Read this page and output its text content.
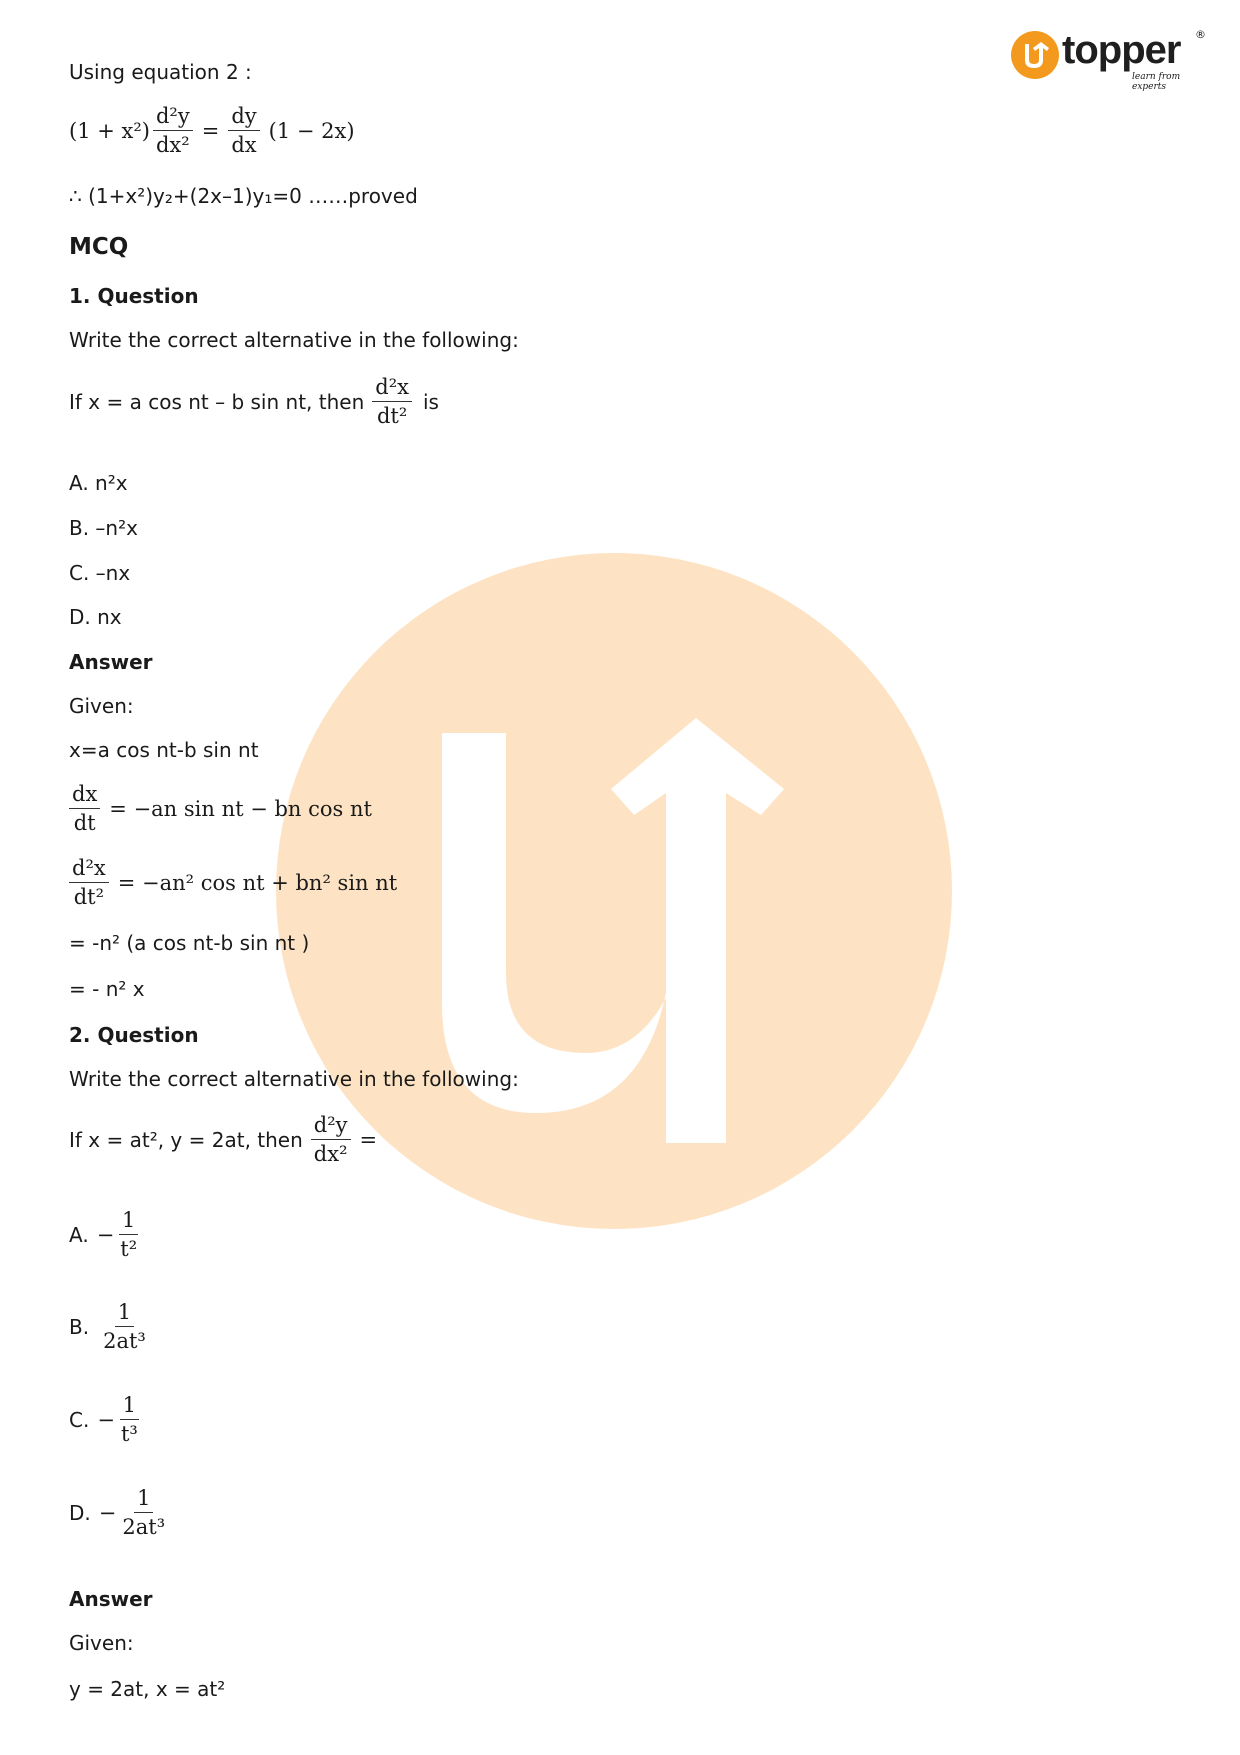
topper ®
learn from experts
Using equation 2 :
$(1 + x^2) \frac{\text{d²y}}{\text{dx²}} = \frac{dy}{dx} (1 - 2x)$
∴ (1+x²)y₂+(2x–1)y₁=0 ……proved
MCQ
1. Question
Write the correct alternative in the following:
If x = a cos nt – b sin nt, then $\frac{\text{d²x}}{\text{dt²}}$ is
A. n²x
B. –n²x
C. –nx
D. nx
Answer
Given:
x=a cos nt-b sin nt
$\frac{dx}{dt} = -an$ sin nt − bn cos nt
$\frac{\text{d²x}}{\text{dt²}} = -an^2$ cos nt + bn² sin nt
= -n² (a cos nt-b sin nt )
= - n² x
2. Question
Write the correct alternative in the following:
If x = at², y = 2at, then $\frac{\text{d²y}}{\text{dx²}}$ =
A. − $\frac{1}{\text{t²}}$
B. $\frac{1}{\text{2at³}}$
C. − $\frac{1}{\text{t³}}$
D. − $\frac{1}{\text{2at³}}$
Answer
Given:
y = 2at, x = at²
